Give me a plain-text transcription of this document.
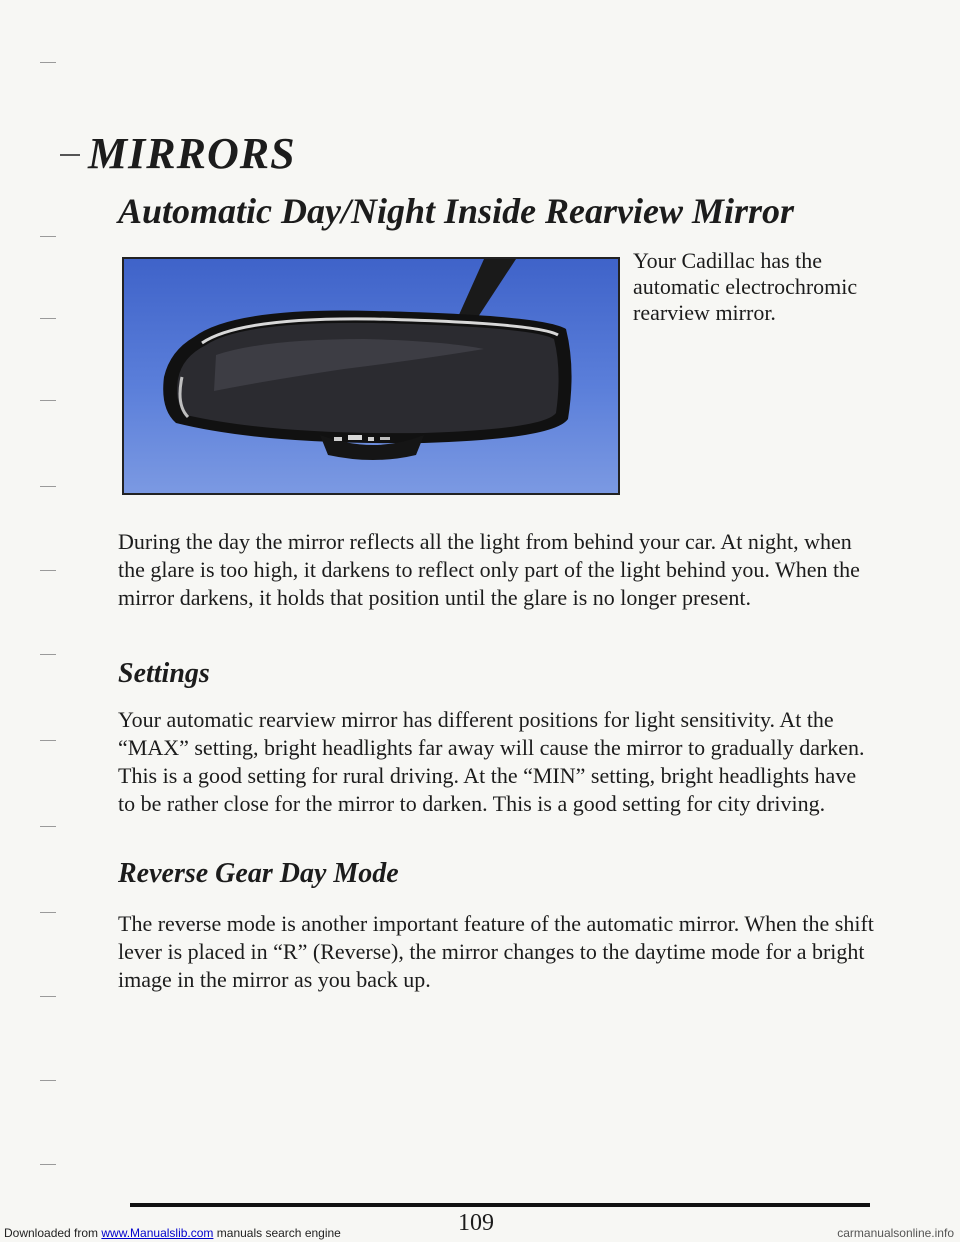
MIRRORS
Automatic Day/Night Inside Rearview Mirror

Your Cadillac has the automatic electrochromic rearview mirror.

During the day the mirror reflects all the light from behind your car. At night, when the glare is too high, it darkens to reflect only part of the light behind you. When the mirror darkens, it holds that position until the glare is no longer present.

Settings

Your automatic rearview mirror has different positions for light sensitivity. At the “MAX” setting, bright headlights far away will cause the mirror to gradually darken. This is a good setting for rural driving. At the “MIN” setting, bright headlights have to be rather close for the mirror to darken. This is a good setting for city driving.

Reverse Gear Day Mode

The reverse mode is another important feature of the automatic mirror. When the shift lever is placed in “R” (Reverse), the mirror changes to the daytime mode for a bright image in the mirror as you back up.

109
Downloaded from www.Manualslib.com manuals search engine	carmanualsonline.info
